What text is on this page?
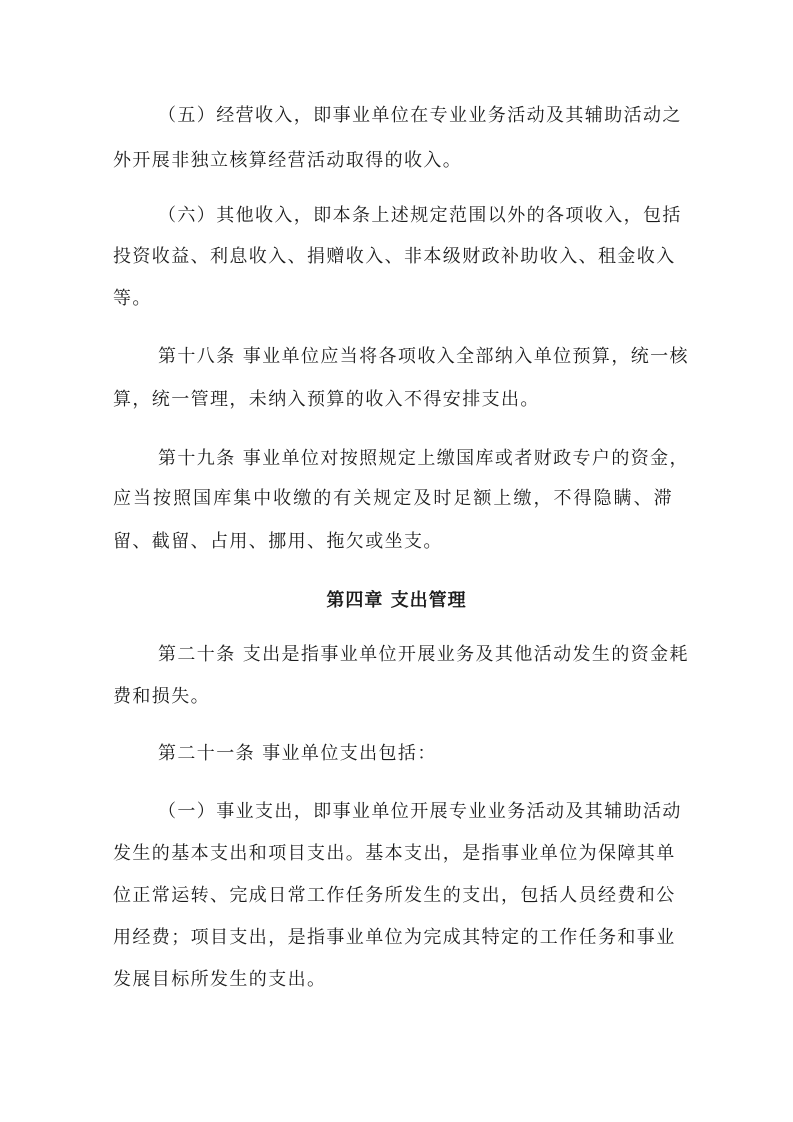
（五）经营收入，即事业单位在专业业务活动及其辅助活动之
外开展非独立核算经营活动取得的收入。
（六）其他收入，即本条上述规定范围以外的各项收入，包括
投资收益、利息收入、捐赠收入、非本级财政补助收入、租金收入
等。
第十八条 事业单位应当将各项收入全部纳入单位预算，统一核
算，统一管理，未纳入预算的收入不得安排支出。
第十九条 事业单位对按照规定上缴国库或者财政专户的资金，
应当按照国库集中收缴的有关规定及时足额上缴，不得隐瞒、滞
留、截留、占用、挪用、拖欠或坐支。
第四章 支出管理
第二十条 支出是指事业单位开展业务及其他活动发生的资金耗
费和损失。
第二十一条 事业单位支出包括：
（一）事业支出，即事业单位开展专业业务活动及其辅助活动
发生的基本支出和项目支出。基本支出，是指事业单位为保障其单
位正常运转、完成日常工作任务所发生的支出，包括人员经费和公
用经费；项目支出，是指事业单位为完成其特定的工作任务和事业
发展目标所发生的支出。
